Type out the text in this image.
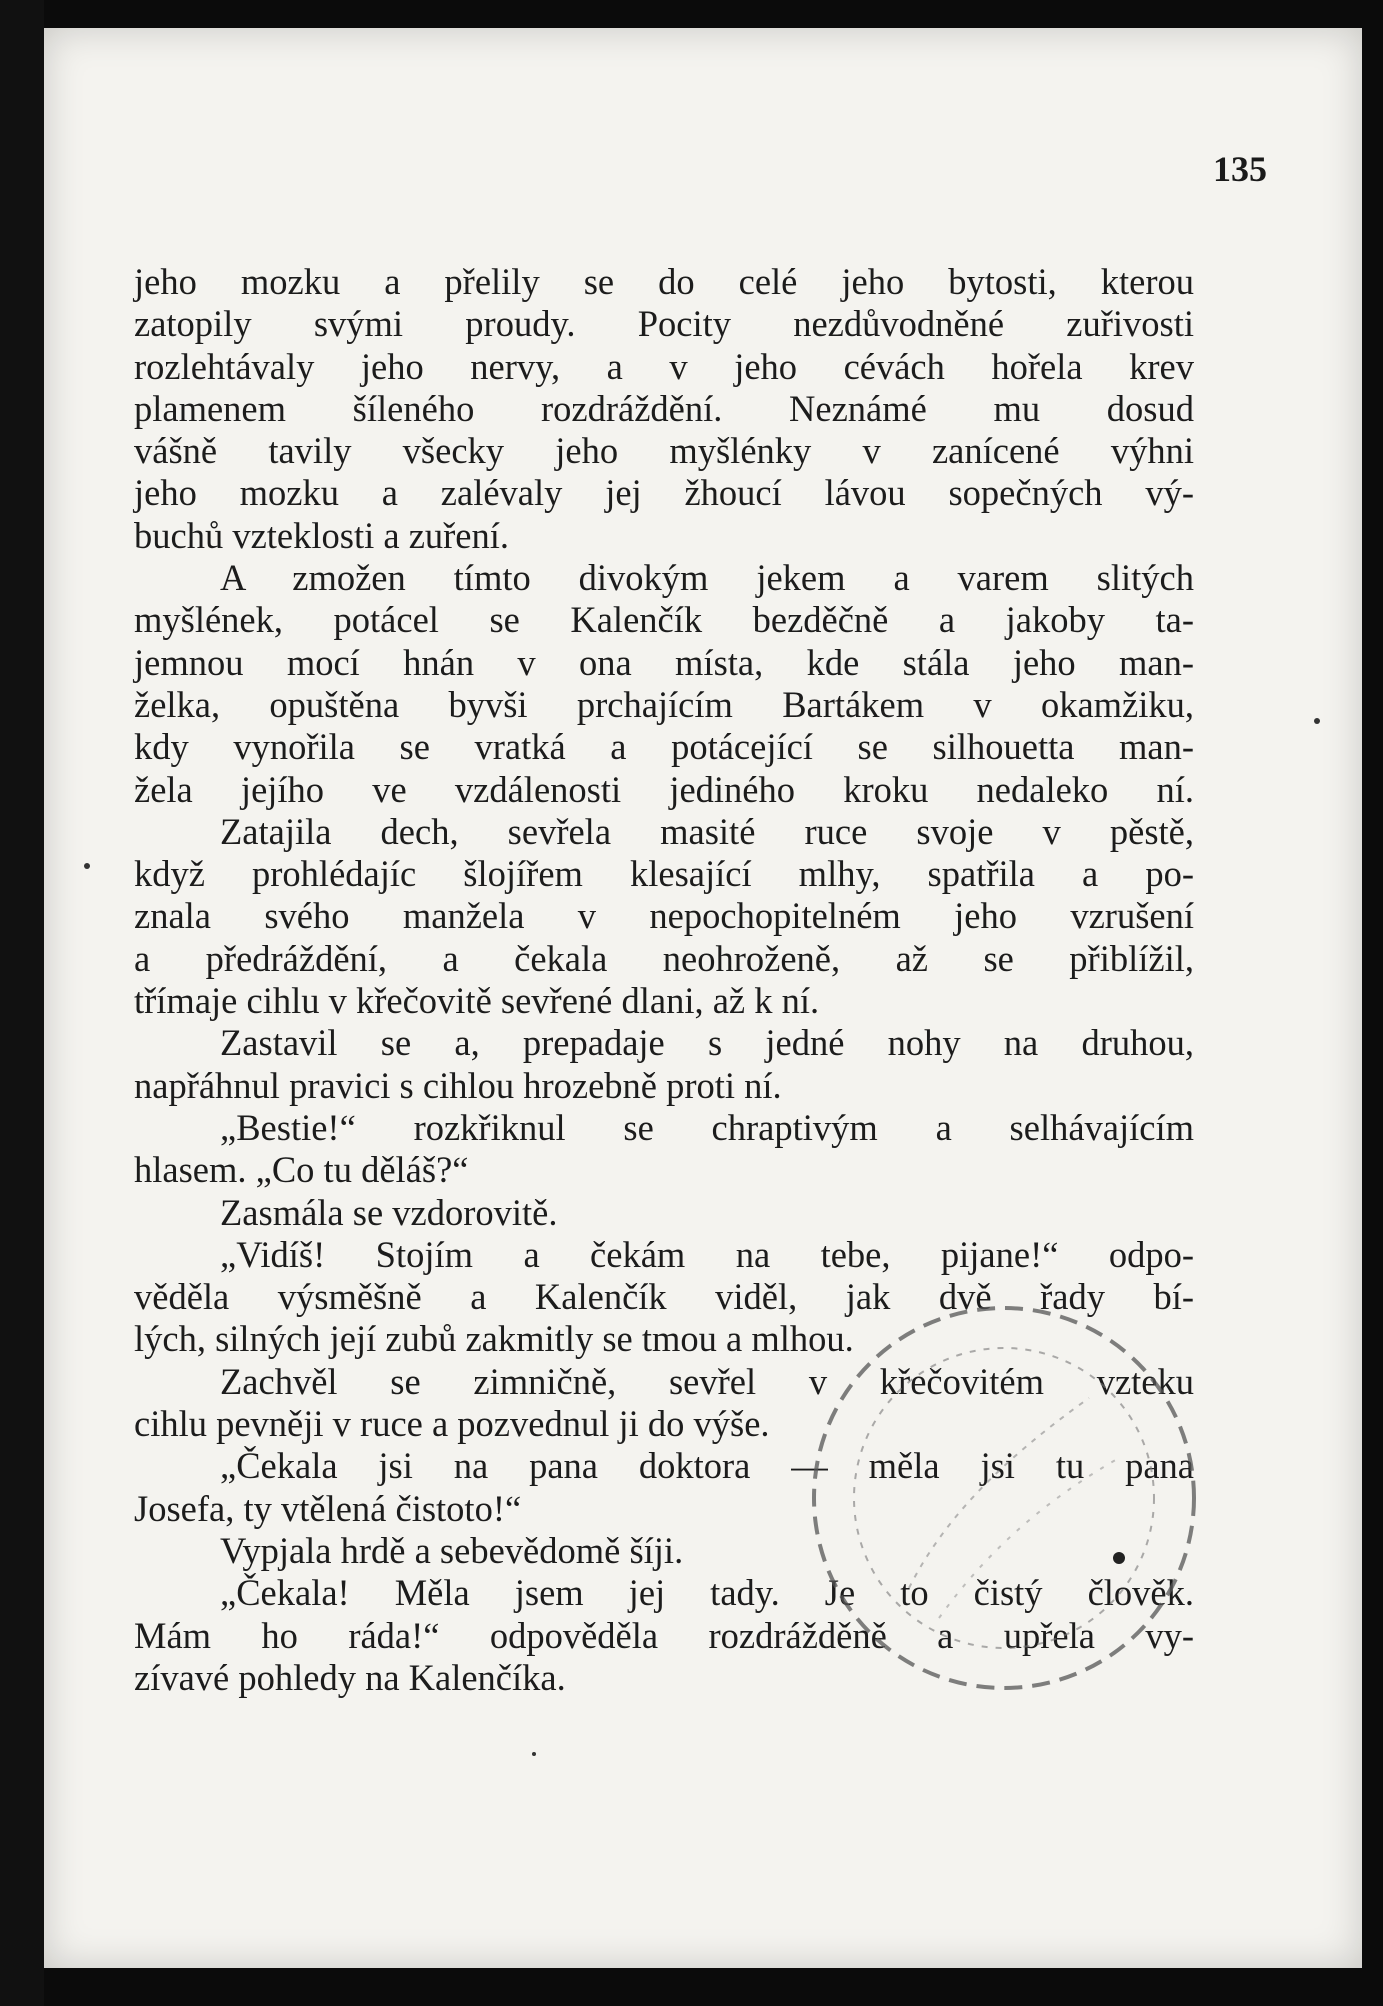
135
jeho mozku a přelily se do celé jeho bytosti, kterou
zatopily svými proudy. Pocity nezdůvodněné zuřivosti
rozlehtávaly jeho nervy, a v jeho cévách hořela krev
plamenem šíleného rozdráždění. Neznámé mu dosud
vášně tavily všecky jeho myšlénky v zanícené výhni
jeho mozku a zalévaly jej žhoucí lávou sopečných vý-
buchů vzteklosti a zuření.
A zmožen tímto divokým jekem a varem slitých
myšlének, potácel se Kalenčík bezděčně a jakoby ta-
jemnou mocí hnán v ona místa, kde stála jeho man-
želka, opuštěna byvši prchajícím Bartákem v okamžiku,
kdy vynořila se vratká a potácející se silhouetta man-
žela jejího ve vzdálenosti jediného kroku nedaleko ní.
Zatajila dech, sevřela masité ruce svoje v pěstě,
když prohlédajíc šlojířem klesající mlhy, spatřila a po-
znala svého manžela v nepochopitelném jeho vzrušení
a předráždění, a čekala neohroženě, až se přiblížil,
třímaje cihlu v křečovitě sevřené dlani, až k ní.
Zastavil se a, prepadaje s jedné nohy na druhou,
napřáhnul pravici s cihlou hrozebně proti ní.
„Bestie!“ rozkřiknul se chraptivým a selhávajícím
hlasem. „Co tu děláš?“
Zasmála se vzdorovitě.
„Vidíš! Stojím a čekám na tebe, pijane!“ odpo-
věděla výsměšně a Kalenčík viděl, jak dvě řady bí-
lých, silných její zubů zakmitly se tmou a mlhou.
Zachvěl se zimničně, sevřel v křečovitém vzteku
cihlu pevněji v ruce a pozvednul ji do výše.
„Čekala jsi na pana doktora — měla jsi tu pana
Josefa, ty vtělená čistoto!“
Vypjala hrdě a sebevědomě šíji.
„Čekala! Měla jsem jej tady. Je to čistý člověk.
Mám ho ráda!“ odpověděla rozdrážděně a upřela vy-
zívavé pohledy na Kalenčíka.
